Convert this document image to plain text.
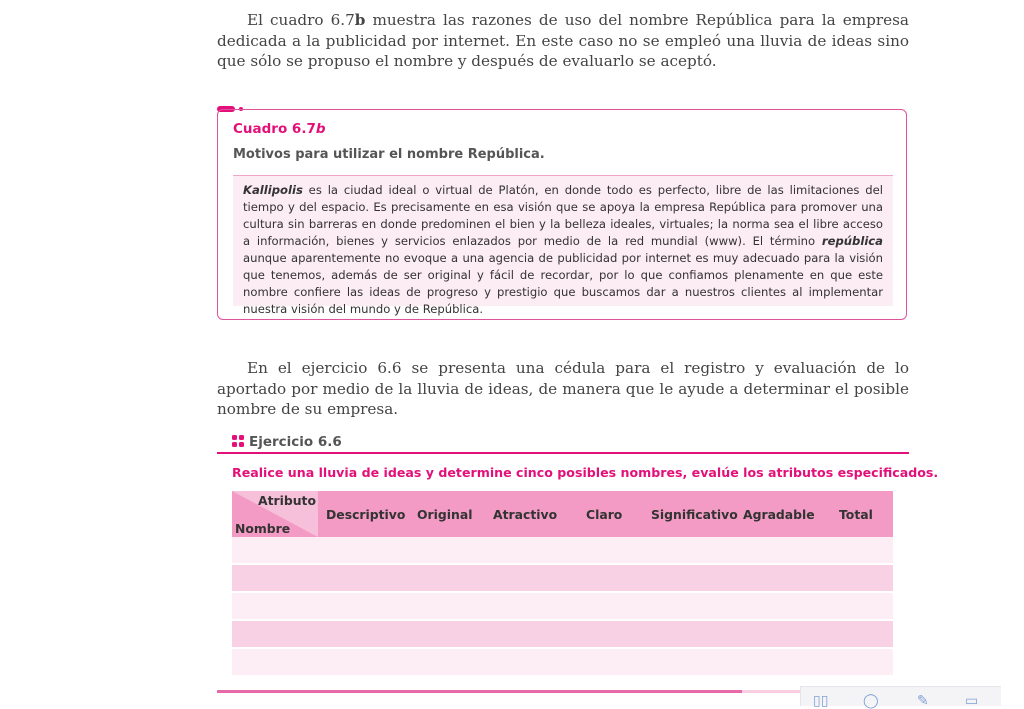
El cuadro 6.7b muestra las razones de uso del nombre República para la empresa dedicada a la publicidad por internet. En este caso no se empleó una lluvia de ideas sino que sólo se propuso el nombre y después de evaluarlo se aceptó.

Cuadro 6.7b
Motivos para utilizar el nombre República.

Kallipolis es la ciudad ideal o virtual de Platón, en donde todo es perfecto, libre de las limitaciones del tiempo y del espacio. Es precisamente en esa visión que se apoya la empresa República para promover una cultura sin barreras en donde predominen el bien y la belleza ideales, virtuales; la norma sea el libre acceso a información, bienes y servicios enlazados por medio de la red mundial (www). El término república aunque aparentemente no evoque a una agencia de publicidad por internet es muy adecuado para la visión que tenemos, además de ser original y fácil de recordar, por lo que confiamos plenamente en que este nombre confiere las ideas de progreso y prestigio que buscamos dar a nuestros clientes al implementar nuestra visión del mundo y de República.

En el ejercicio 6.6 se presenta una cédula para el registro y evaluación de lo aportado por medio de la lluvia de ideas, de manera que le ayude a determinar el posible nombre de su empresa.

Ejercicio 6.6
Realice una lluvia de ideas y determine cinco posibles nombres, evalúe los atributos especificados.
Atributo
Nombre
Descriptivo Original Atractivo Claro Significativo Agradable Total
▯▯ ◯	✎	▭
